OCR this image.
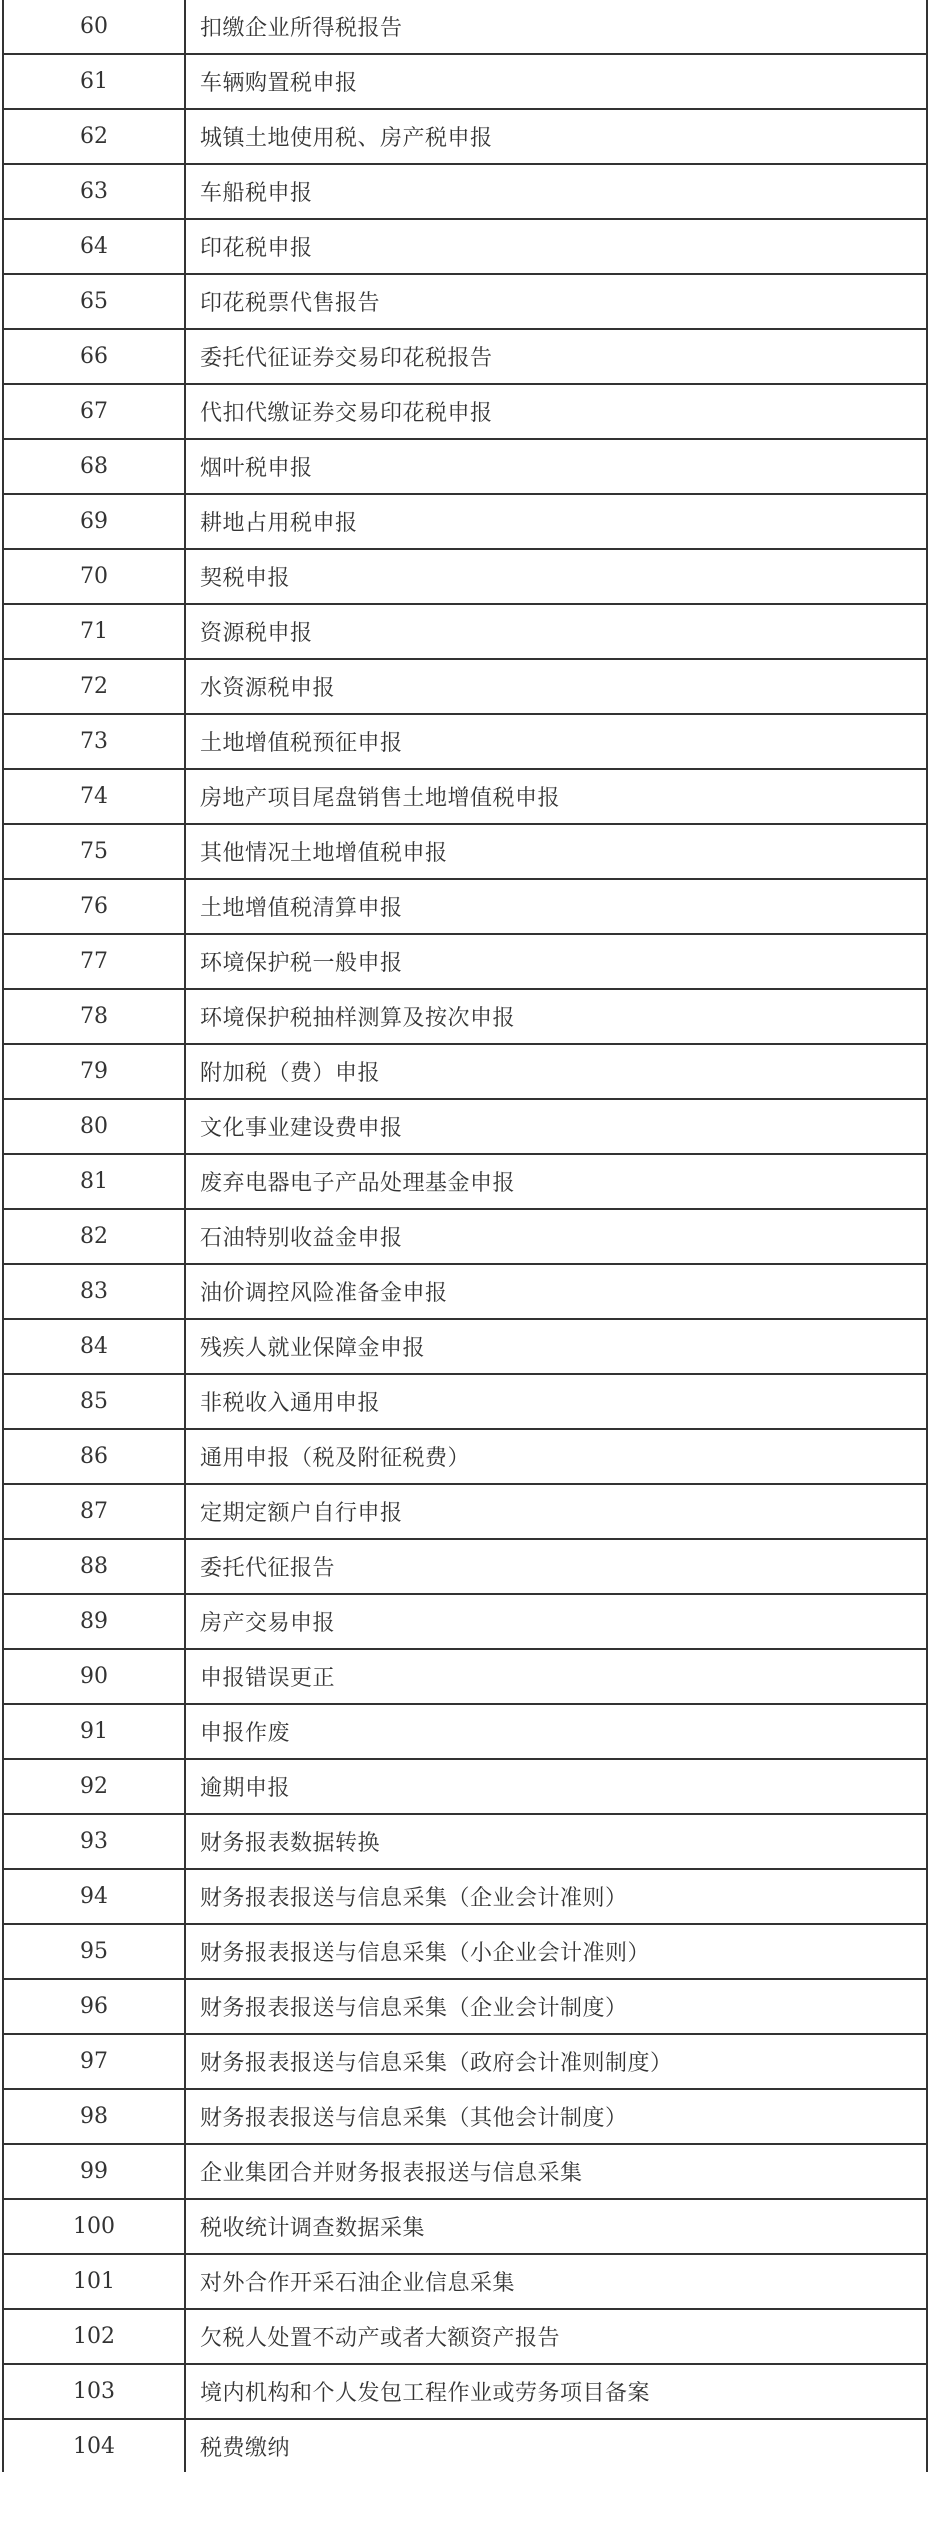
60	扣缴企业所得税报告
61	车辆购置税申报
62	城镇土地使用税、房产税申报
63	车船税申报
64	印花税申报
65	印花税票代售报告
66	委托代征证券交易印花税报告
67	代扣代缴证券交易印花税申报
68	烟叶税申报
69	耕地占用税申报
70	契税申报
71	资源税申报
72	水资源税申报
73	土地增值税预征申报
74	房地产项目尾盘销售土地增值税申报
75	其他情况土地增值税申报
76	土地增值税清算申报
77	环境保护税一般申报
78	环境保护税抽样测算及按次申报
79	附加税（费）申报
80	文化事业建设费申报
81	废弃电器电子产品处理基金申报
82	石油特别收益金申报
83	油价调控风险准备金申报
84	残疾人就业保障金申报
85	非税收入通用申报
86	通用申报（税及附征税费）
87	定期定额户自行申报
88	委托代征报告
89	房产交易申报
90	申报错误更正
91	申报作废
92	逾期申报
93	财务报表数据转换
94	财务报表报送与信息采集（企业会计准则）
95	财务报表报送与信息采集（小企业会计准则）
96	财务报表报送与信息采集（企业会计制度）
97	财务报表报送与信息采集（政府会计准则制度）
98	财务报表报送与信息采集（其他会计制度）
99	企业集团合并财务报表报送与信息采集
100	税收统计调查数据采集
101	对外合作开采石油企业信息采集
102	欠税人处置不动产或者大额资产报告
103	境内机构和个人发包工程作业或劳务项目备案
104	税费缴纳
